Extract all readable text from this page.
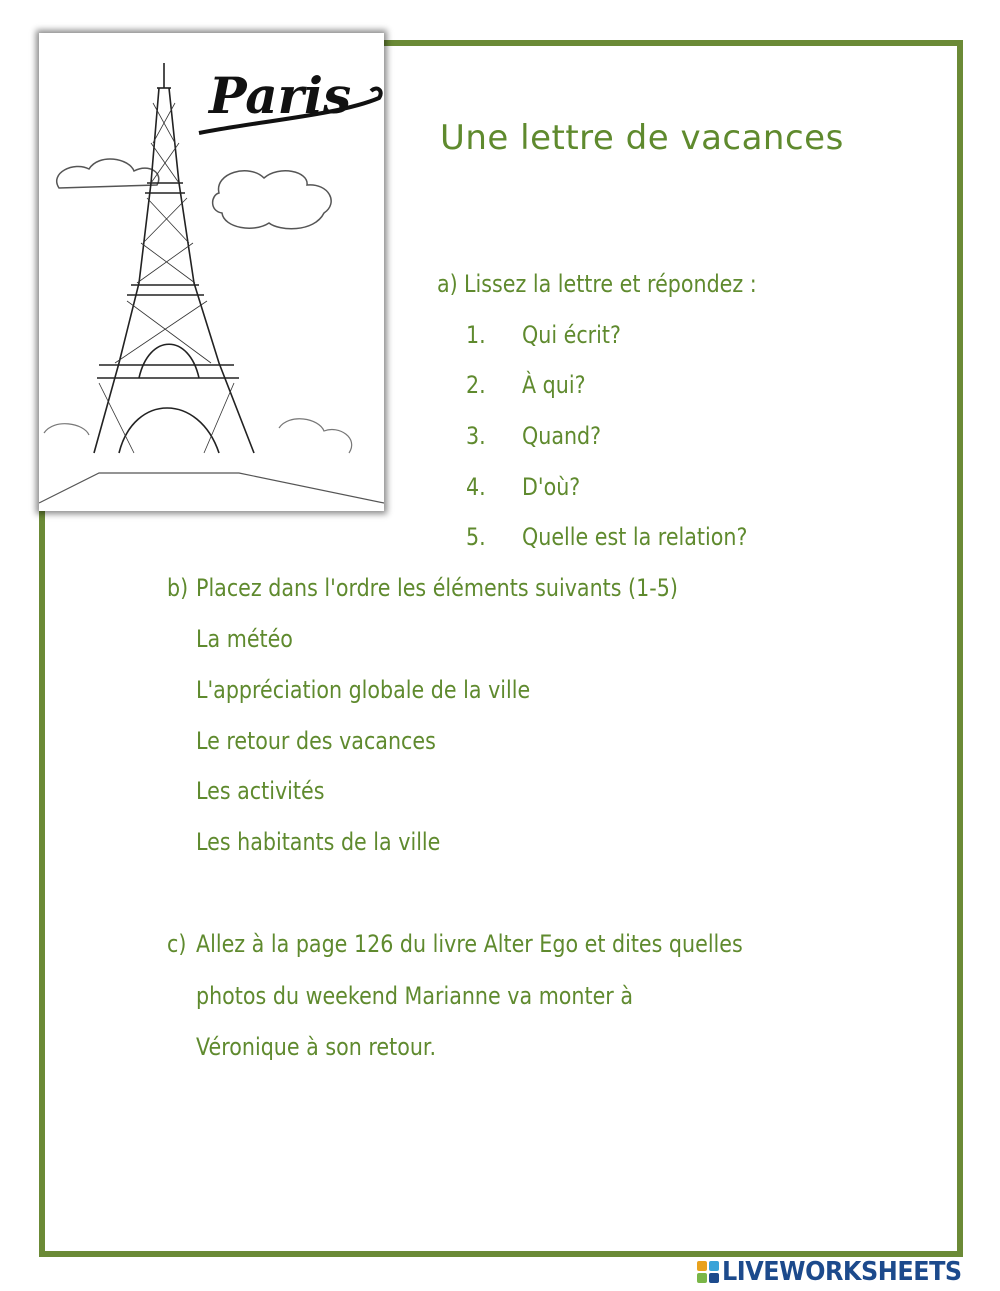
Paris
Une lettre de vacances
a) Lissez la lettre et répondez :
1. Qui écrit?
2. À qui?
3. Quand?
4. D'où?
5. Quelle est la relation?
b) Placez dans l'ordre les éléments suivants (1-5)
La météo
L'appréciation globale de la ville
Le retour des vacances
Les activités
Les habitants de la ville
c) Allez à la page 126 du livre Alter Ego et dites quelles
photos du weekend Marianne va monter à
Véronique à son retour.
LIVEWORKSHEETS
